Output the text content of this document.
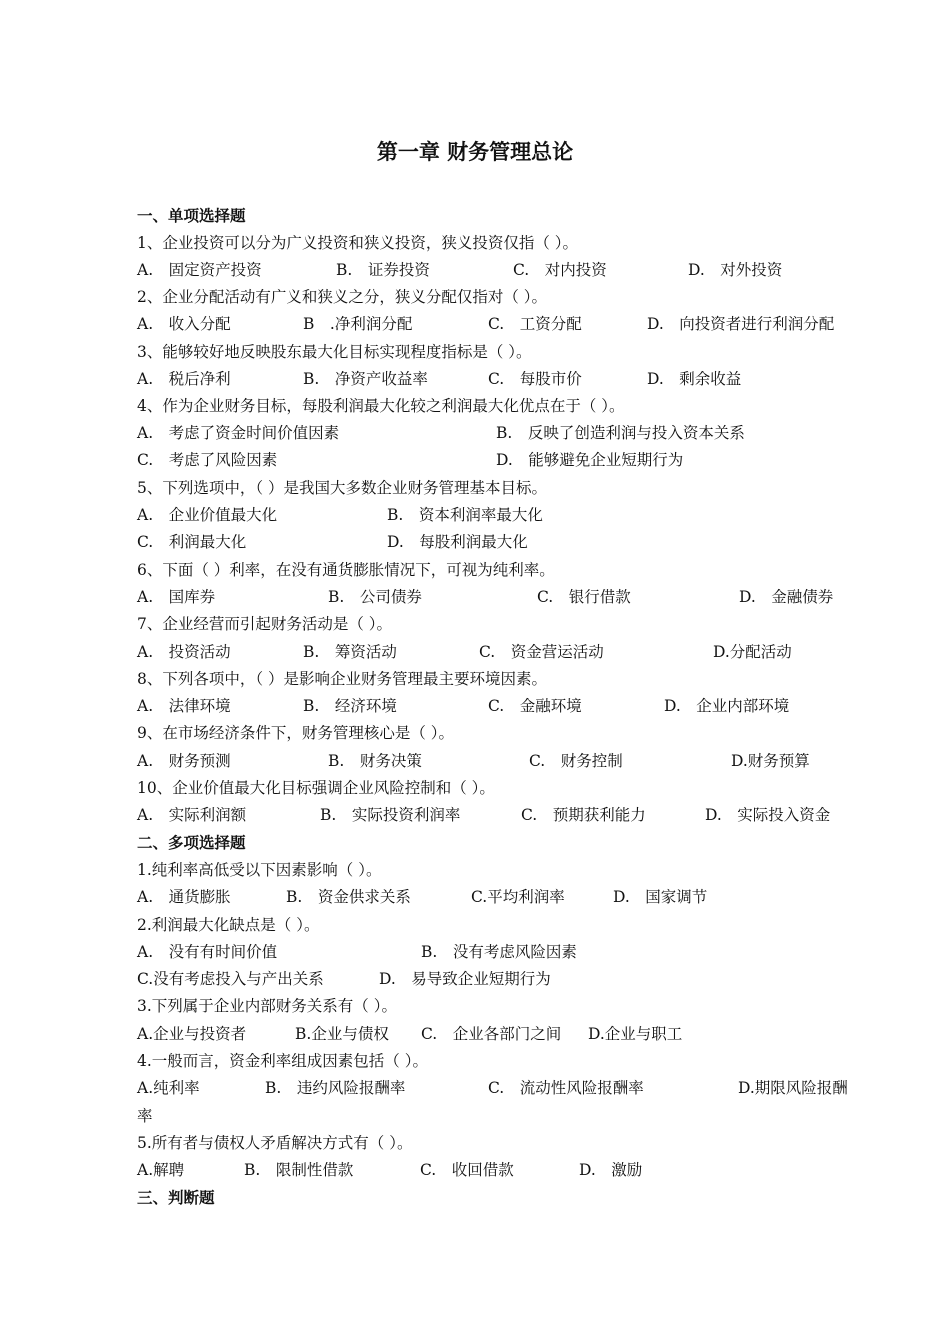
第一章 财务管理总论
一、单项选择题
1、企业投资可以分为广义投资和狭义投资，狭义投资仅指（ ）。
A.　固定资产投资	B.　证券投资	C.　对内投资	D.　对外投资
2、企业分配活动有广义和狭义之分，狭义分配仅指对（ ）。
A.　收入分配	B　.净利润分配	C.　工资分配	D.　向投资者进行利润分配
3、能够较好地反映股东最大化目标实现程度指标是（ ）。
A.　税后净利	B.　净资产收益率	C.　每股市价	D.　剩余收益
4、作为企业财务目标，每股利润最大化较之利润最大化优点在于（ ）。
A.　考虑了资金时间价值因素	B.　反映了创造利润与投入资本关系
C.　考虑了风险因素	D.　能够避免企业短期行为
5、下列选项中，（ ）是我国大多数企业财务管理基本目标。
A.　企业价值最大化	B.　资本利润率最大化
C.　利润最大化	D.　每股利润最大化
6、下面（ ）利率，在没有通货膨胀情况下，可视为纯利率。
A.　国库券	B.　公司债券	C.　银行借款	D.　金融债券
7、企业经营而引起财务活动是（ ）。
A.　投资活动	B.　筹资活动	C.　资金营运活动	D.分配活动
8、下列各项中，（ ）是影响企业财务管理最主要环境因素。
A.　法律环境	B.　经济环境	C.　金融环境	D.　企业内部环境
9、在市场经济条件下，财务管理核心是（ ）。
A.　财务预测	B.　财务决策	C.　财务控制	D.财务预算
10、企业价值最大化目标强调企业风险控制和（ ）。
A.　实际利润额	B.　实际投资利润率	C.　预期获利能力	D.　实际投入资金
二、多项选择题
1.纯利率高低受以下因素影响（ ）。
A.　通货膨胀	B.　资金供求关系	C.平均利润率	D.　国家调节
2.利润最大化缺点是（ ）。
A.　没有有时间价值	B.　没有考虑风险因素
C.没有考虑投入与产出关系	D.　易导致企业短期行为
3.下列属于企业内部财务关系有（ ）。
A.企业与投资者	B.企业与债权 C.　企业各部门之间 D.企业与职工
4.一般而言，资金利率组成因素包括（ ）。
A.纯利率	B.　违约风险报酬率	C.　流动性风险报酬率	D.期限风险报酬
率
5.所有者与债权人矛盾解决方式有（ ）。
A.解聘	B.　限制性借款	C.　收回借款	D.　激励
三、判断题
